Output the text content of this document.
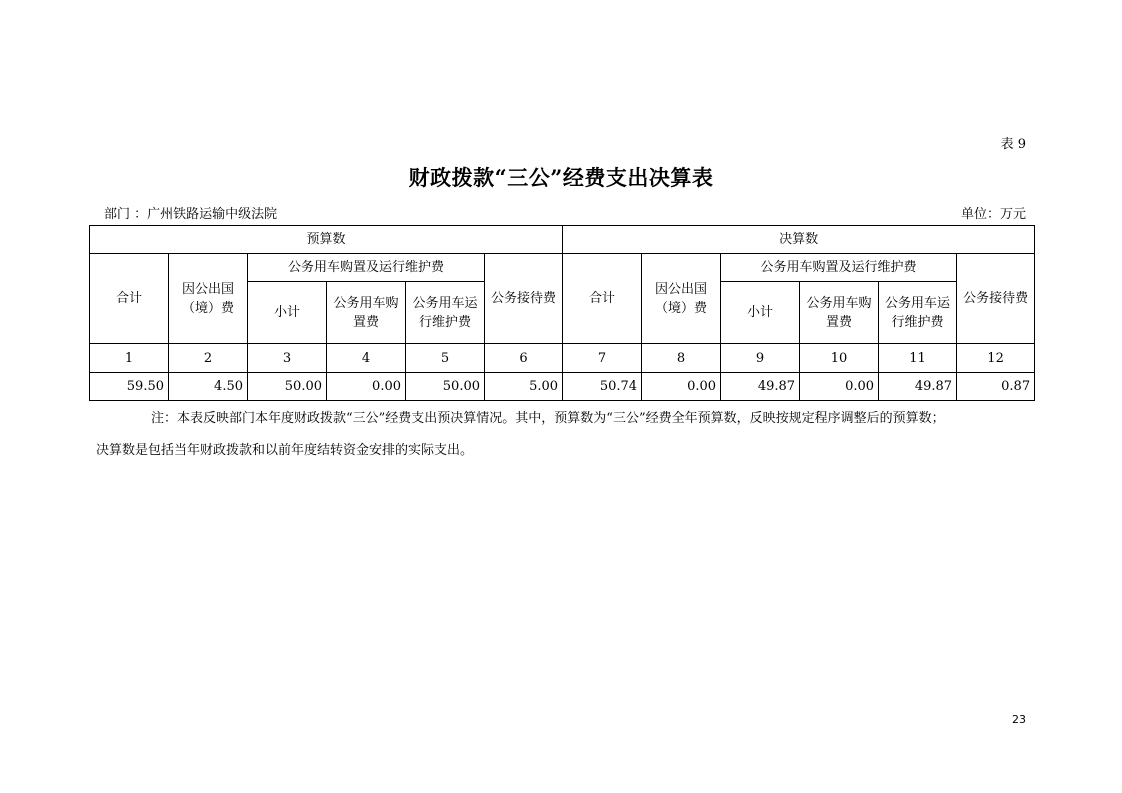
表 9
财政拨款“三公”经费支出决算表
部门 ：广州铁路运输中级法院	单位：万元
预算数						决算数					
合计	因公出国（境）费	公务用车购置及运行维护费			公务接待费	合计	因公出国（境）费	公务用车购置及运行维护费			公务接待费
		小计	公务用车购置费	公务用车运行维护费				小计	公务用车购置费	公务用车运行维护费	
1	2	3	4	5	6	7	8	9	10	11	12
59.50	4.50	50.00	0.00	50.00	5.00	50.74	0.00	49.87	0.00	49.87	0.87
注：本表反映部门本年度财政拨款“三公”经费支出预决算情况。其中，预算数为“三公”经费全年预算数，反映按规定程序调整后的预算数；
决算数是包括当年财政拨款和以前年度结转资金安排的实际支出。
23
